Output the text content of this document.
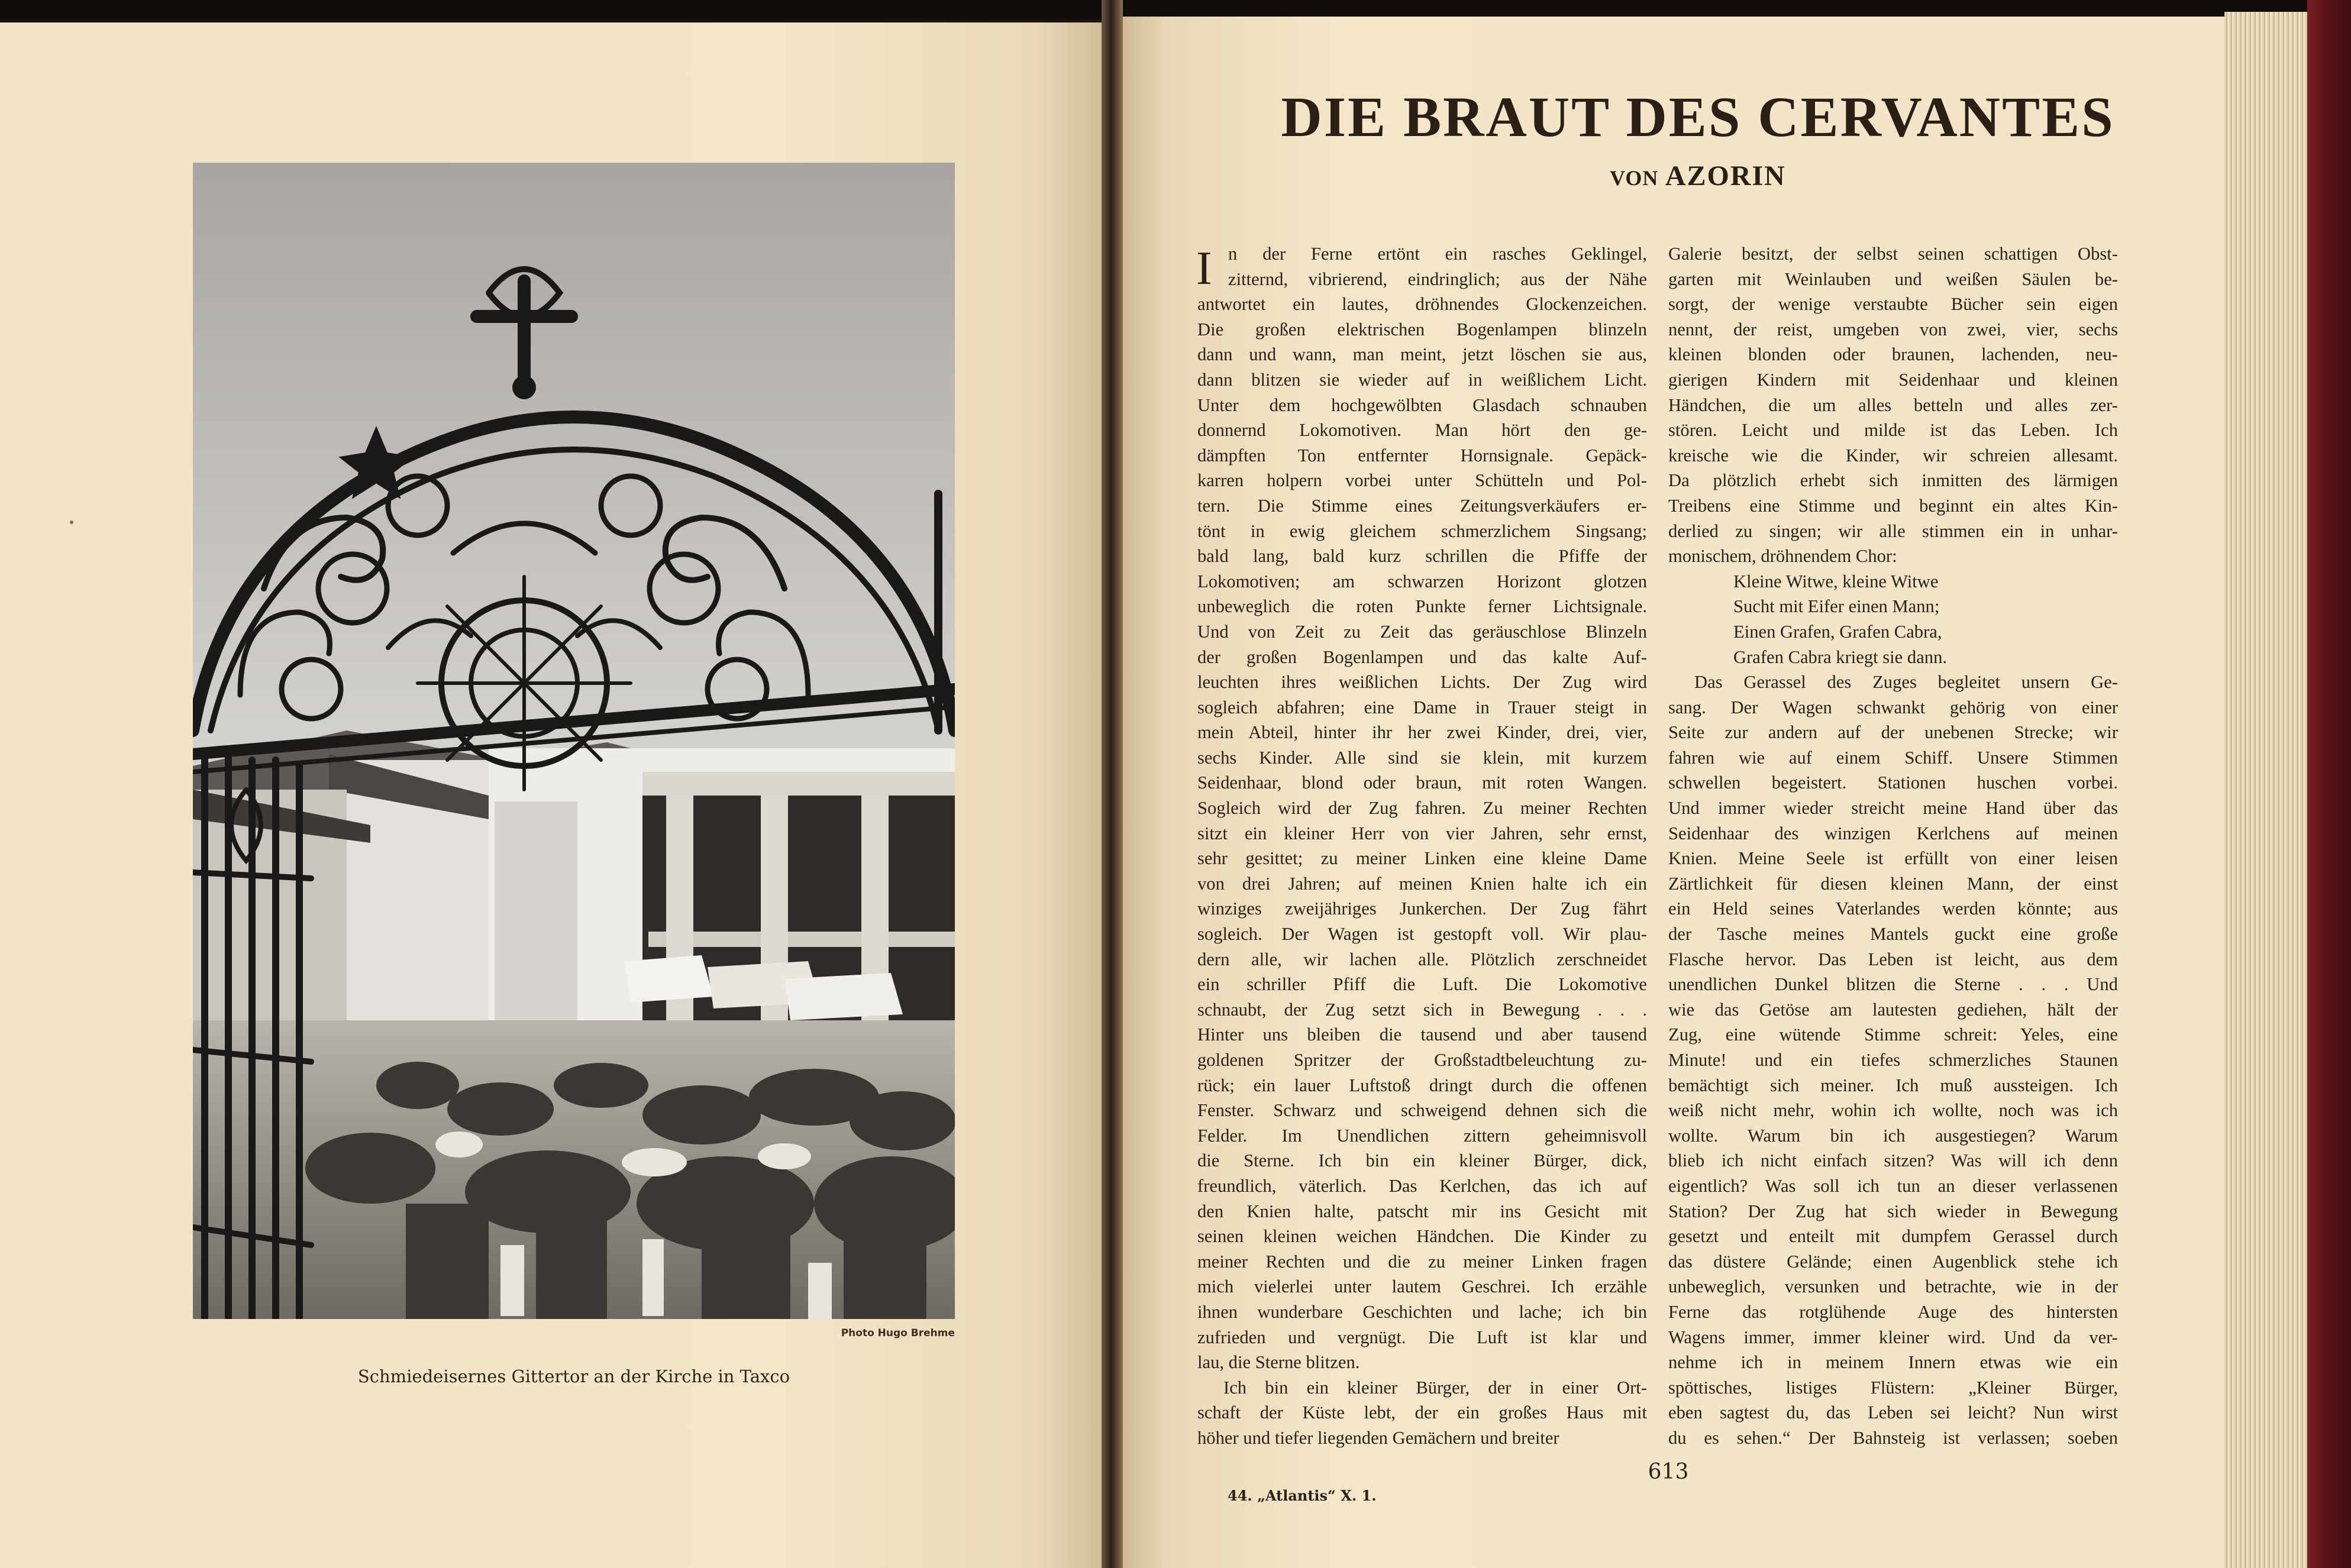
Photo Hugo Brehme
Schmiedeisernes Gittertor an der Kirche in Taxco
DIE BRAUT DES CERVANTES
VON AZORIN
I n der Ferne ertönt ein rasches Geklingel,
zitternd, vibrierend, eindringlich; aus der Nähe
antwortet ein lautes, dröhnendes Glockenzeichen.
Die großen elektrischen Bogenlampen blinzeln
dann und wann, man meint, jetzt löschen sie aus,
dann blitzen sie wieder auf in weißlichem Licht.
Unter dem hochgewölbten Glasdach schnauben
donnernd Lokomotiven. Man hört den ge-
dämpften Ton entfernter Hornsignale. Gepäck-
karren holpern vorbei unter Schütteln und Pol-
tern. Die Stimme eines Zeitungsverkäufers er-
tönt in ewig gleichem schmerzlichem Singsang;
bald lang, bald kurz schrillen die Pfiffe der
Lokomotiven; am schwarzen Horizont glotzen
unbeweglich die roten Punkte ferner Lichtsignale.
Und von Zeit zu Zeit das geräuschlose Blinzeln
der großen Bogenlampen und das kalte Auf-
leuchten ihres weißlichen Lichts. Der Zug wird
sogleich abfahren; eine Dame in Trauer steigt in
mein Abteil, hinter ihr her zwei Kinder, drei, vier,
sechs Kinder. Alle sind sie klein, mit kurzem
Seidenhaar, blond oder braun, mit roten Wangen.
Sogleich wird der Zug fahren. Zu meiner Rechten
sitzt ein kleiner Herr von vier Jahren, sehr ernst,
sehr gesittet; zu meiner Linken eine kleine Dame
von drei Jahren; auf meinen Knien halte ich ein
winziges zweijähriges Junkerchen. Der Zug fährt
sogleich. Der Wagen ist gestopft voll. Wir plau-
dern alle, wir lachen alle. Plötzlich zerschneidet
ein schriller Pfiff die Luft. Die Lokomotive
schnaubt, der Zug setzt sich in Bewegung . . .
Hinter uns bleiben die tausend und aber tausend
goldenen Spritzer der Großstadtbeleuchtung zu-
rück; ein lauer Luftstoß dringt durch die offenen
Fenster. Schwarz und schweigend dehnen sich die
Felder. Im Unendlichen zittern geheimnisvoll
die Sterne. Ich bin ein kleiner Bürger, dick,
freundlich, väterlich. Das Kerlchen, das ich auf
den Knien halte, patscht mir ins Gesicht mit
seinen kleinen weichen Händchen. Die Kinder zu
meiner Rechten und die zu meiner Linken fragen
mich vielerlei unter lautem Geschrei. Ich erzähle
ihnen wunderbare Geschichten und lache; ich bin
zufrieden und vergnügt. Die Luft ist klar und
lau, die Sterne blitzen.
Ich bin ein kleiner Bürger, der in einer Ort-
schaft der Küste lebt, der ein großes Haus mit
höher und tiefer liegenden Gemächern und breiter
Galerie besitzt, der selbst seinen schattigen Obst-
garten mit Weinlauben und weißen Säulen be-
sorgt, der wenige verstaubte Bücher sein eigen
nennt, der reist, umgeben von zwei, vier, sechs
kleinen blonden oder braunen, lachenden, neu-
gierigen Kindern mit Seidenhaar und kleinen
Händchen, die um alles betteln und alles zer-
stören. Leicht und milde ist das Leben. Ich
kreische wie die Kinder, wir schreien allesamt.
Da plötzlich erhebt sich inmitten des lärmigen
Treibens eine Stimme und beginnt ein altes Kin-
derlied zu singen; wir alle stimmen ein in unhar-
monischem, dröhnendem Chor:
Kleine Witwe, kleine Witwe
Sucht mit Eifer einen Mann;
Einen Grafen, Grafen Cabra,
Grafen Cabra kriegt sie dann.
Das Gerassel des Zuges begleitet unsern Ge-
sang. Der Wagen schwankt gehörig von einer
Seite zur andern auf der unebenen Strecke; wir
fahren wie auf einem Schiff. Unsere Stimmen
schwellen begeistert. Stationen huschen vorbei.
Und immer wieder streicht meine Hand über das
Seidenhaar des winzigen Kerlchens auf meinen
Knien. Meine Seele ist erfüllt von einer leisen
Zärtlichkeit für diesen kleinen Mann, der einst
ein Held seines Vaterlandes werden könnte; aus
der Tasche meines Mantels guckt eine große
Flasche hervor. Das Leben ist leicht, aus dem
unendlichen Dunkel blitzen die Sterne . . . Und
wie das Getöse am lautesten gediehen, hält der
Zug, eine wütende Stimme schreit: Yeles, eine
Minute! und ein tiefes schmerzliches Staunen
bemächtigt sich meiner. Ich muß aussteigen. Ich
weiß nicht mehr, wohin ich wollte, noch was ich
wollte. Warum bin ich ausgestiegen? Warum
blieb ich nicht einfach sitzen? Was will ich denn
eigentlich? Was soll ich tun an dieser verlassenen
Station? Der Zug hat sich wieder in Bewegung
gesetzt und enteilt mit dumpfem Gerassel durch
das düstere Gelände; einen Augenblick stehe ich
unbeweglich, versunken und betrachte, wie in der
Ferne das rotglühende Auge des hintersten
Wagens immer, immer kleiner wird. Und da ver-
nehme ich in meinem Innern etwas wie ein
spöttisches, listiges Flüstern: „Kleiner Bürger,
eben sagtest du, das Leben sei leicht? Nun wirst
du es sehen.“ Der Bahnsteig ist verlassen; soeben
613
44. „Atlantis“ X. 1.
